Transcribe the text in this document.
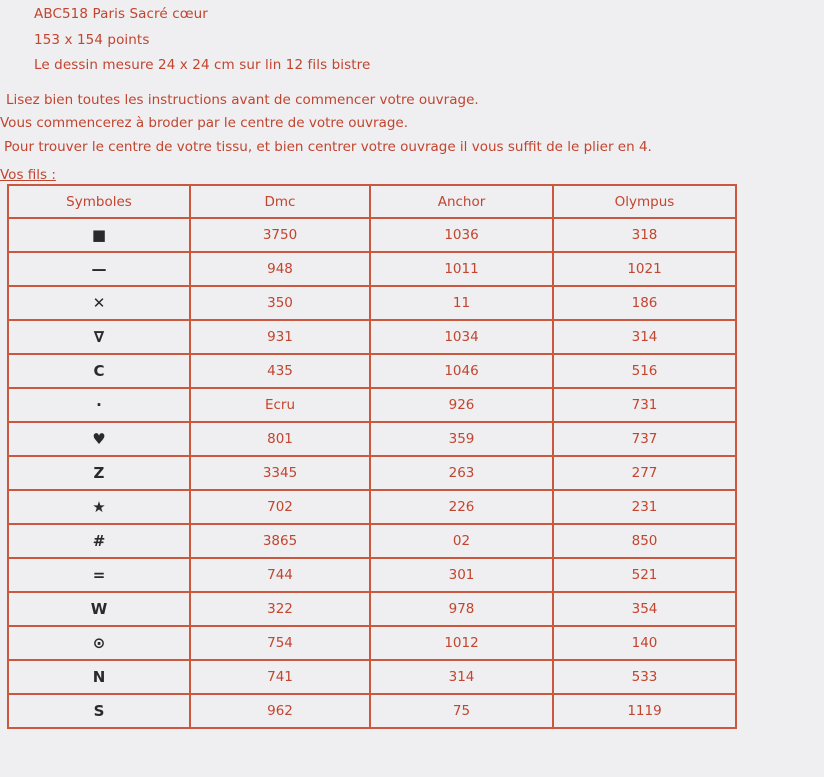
ABC518 Paris Sacré cœur
153 x 154 points
Le dessin mesure 24 x 24 cm sur lin 12 fils bistre
Lisez bien toutes les instructions avant de commencer votre ouvrage.
Vous commencerez à broder par le centre de votre ouvrage.
Pour trouver le centre de votre tissu, et bien centrer votre ouvrage il vous suffit de le plier en 4.
Vos fils :
Symboles	Dmc	Anchor	Olympus
■	3750	1036	318
—	948	1011	1021
✕	350	11	186
∇	931	1034	314
C	435	1046	516
·	Ecru	926	731
♥	801	359	737
Z	3345	263	277
★	702	226	231
#	3865	02	850
=	744	301	521
W	322	978	354
⊙	754	1012	140
N	741	314	533
S	962	75	1119
